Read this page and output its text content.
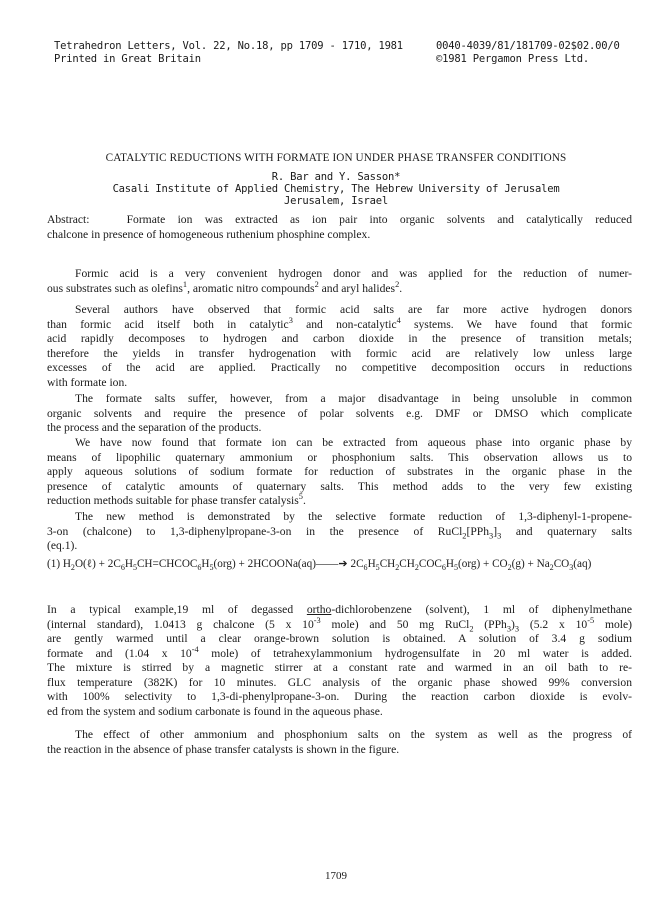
Tetrahedron Letters, Vol. 22, No.18, pp 1709 - 1710, 1981
Printed in Great Britain
0040-4039/81/181709-02$02.00/0
©1981 Pergamon Press Ltd.
CATALYTIC REDUCTIONS WITH FORMATE ION UNDER PHASE TRANSFER CONDITIONS
R. Bar and Y. Sasson*
Casali Institute of Applied Chemistry, The Hebrew University of Jerusalem
Jerusalem, Israel
Abstract:	Formate ion was extracted as ion pair into organic solvents and catalytically reduced
chalcone in presence of homogeneous ruthenium phosphine complex.
Formic acid is a very convenient hydrogen donor and was applied for the reduction of numer-
ous substrates such as olefins$^1$, aromatic nitro compounds$^2$ and aryl halides$^2$.
Several authors have observed that formic acid salts are far more active hydrogen donors
than formic acid itself both in catalytic$^3$ and non-catalytic$^4$ systems. We have found that formic
acid rapidly decomposes to hydrogen and carbon dioxide in the presence of transition metals;
therefore the yields in transfer hydrogenation with formic acid are relatively low unless large
excesses of the acid are applied. Practically no competitive decomposition occurs in reductions
with formate ion.
The formate salts suffer, however, from a major disadvantage in being unsoluble in common
organic solvents and require the presence of polar solvents e.g. DMF or DMSO which complicate
the process and the separation of the products.
We have now found that formate ion can be extracted from aqueous phase into organic phase by
means of lipophilic quaternary ammonium or phosphonium salts. This observation allows us to
apply aqueous solutions of sodium formate for reduction of substrates in the organic phase in the
presence of catalytic amounts of quaternary salts. This method adds to the very few existing
reduction methods suitable for phase transfer catalysis$^5$.
The new method is demonstrated by the selective formate reduction of 1,3-diphenyl-1-propene-
3-on (chalcone) to 1,3-diphenylpropane-3-on in the presence of $RuCl_2[PPh_3]_3$ and quaternary salts
(eq.1).
(1) $H_2O(\ell)$ + $2C_6H_5CH=CHCOC_6H_5(org)$ + 2HCOONa(aq)——➔ $2C_6H_5CH_2CH_2COC_6H_5(org) + CO_2(g) + Na_2CO_3(aq)$
In a typical example,19 ml of degassed ortho-dichlorobenzene (solvent), 1 ml of diphenylmethane
(internal standard), 1.0413 g chalcone (5 x $10^{-3}$ mole) and 50 mg RuCl$_2$ $(PPh_3)_3$ (5.2 x $10^{-5}$ mole)
are gently warmed until a clear orange-brown solution is obtained. A solution of 3.4 g sodium
formate and (1.04 x $10^{-4}$ mole) of tetrahexylammonium hydrogensulfate in 20 ml water is added.
The mixture is stirred by a magnetic stirrer at a constant rate and warmed in an oil bath to re-
flux temperature (382K) for 10 minutes. GLC analysis of the organic phase showed 99% conversion
with 100% selectivity to 1,3-di-phenylpropane-3-on. During the reaction carbon dioxide is evolv-
ed from the system and sodium carbonate is found in the aqueous phase.
The effect of other ammonium and phosphonium salts on the system as well as the progress of
the reaction in the absence of phase transfer catalysts is shown in the figure.
1709
